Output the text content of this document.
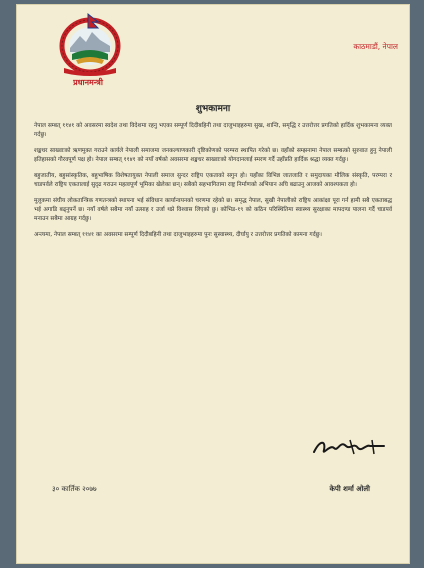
प्रधानमन्त्री
काठमाडौं, नेपाल
शुभकामना

नेपाल सम्बत् ११४१ को अवसरमा स्वदेश तथा विदेशमा रहनु भएका सम्पूर्ण दिदीबहिनी तथा दाजुभाइहरुमा सुख, शान्ति, समृद्धि र उत्तरोत्तर प्रगतिको हार्दिक शुभकामना व्यक्त गर्दछु।

शङ्खधर साख्वाःको ऋणमुक्त गराउने कार्यले नेपाली समाजमा जनकल्याणकारी दृष्टिकोणको परम्परा स्थापित गरेको छ। वहाँको सम्झनामा नेपाल सम्बत्को सुरुवात हुनु नेपाली इतिहासको गौरवपूर्ण पक्ष हो। नेपाल सम्बत् ११४१ को नयाँ वर्षको अवसरमा शङ्खधर साख्वाःको योगदानलाई स्मरण गर्दै उहाँप्रति हार्दिक श्रद्धा व्यक्त गर्दछु।

बहुजातीय, बहुसांस्कृतिक, बहुभाषिक विशेषतायुक्त नेपाली समाज सुन्दर राष्ट्रिय एकताको सगुन हो। यहाँका विभिन्न जातजाति र समुदायका मौलिक संस्कृति, परम्परा र चाडपर्वले राष्ट्रिय एकतालाई सुदृढ गराउन महत्वपूर्ण भूमिका खेलेका छन्। सबैको सहभागितामा राष्ट्र निर्माणको अभियान अघि बढाउनु आजको आवश्यकता हो।

मुलुकमा संघीय लोकतान्त्रिक गणतन्त्रको स्थापना भई संविधान कार्यान्वयनको चरणमा रहेको छ। समृद्ध नेपाल, सुखी नेपालीको राष्ट्रिय आकांक्षा पूरा गर्न हामी सबै एकताबद्ध भई अगाडि बढ्नुपर्ने छ। नयाँ वर्षले सबैमा नयाँ उत्साह र उर्जा थप्ने विश्वास लिएको छु। कोभिड-१९ को कठिन परिस्थितिमा स्वास्थ्य सुरक्षाका मापदण्ड पालना गर्दै चाडपर्व मनाउन सबैमा आग्रह गर्दछु।

अन्त्यमा, नेपाल सम्बत् ११४१ का अवसरमा सम्पूर्ण दिदीबहिनी तथा दाजुभाइहरुमा पुनः सुस्वास्थ्य, दीर्घायु र उत्तरोत्तर प्रगतिको कामना गर्दछु।

३० कार्तिक २०७७	केपी शर्मा ओली
